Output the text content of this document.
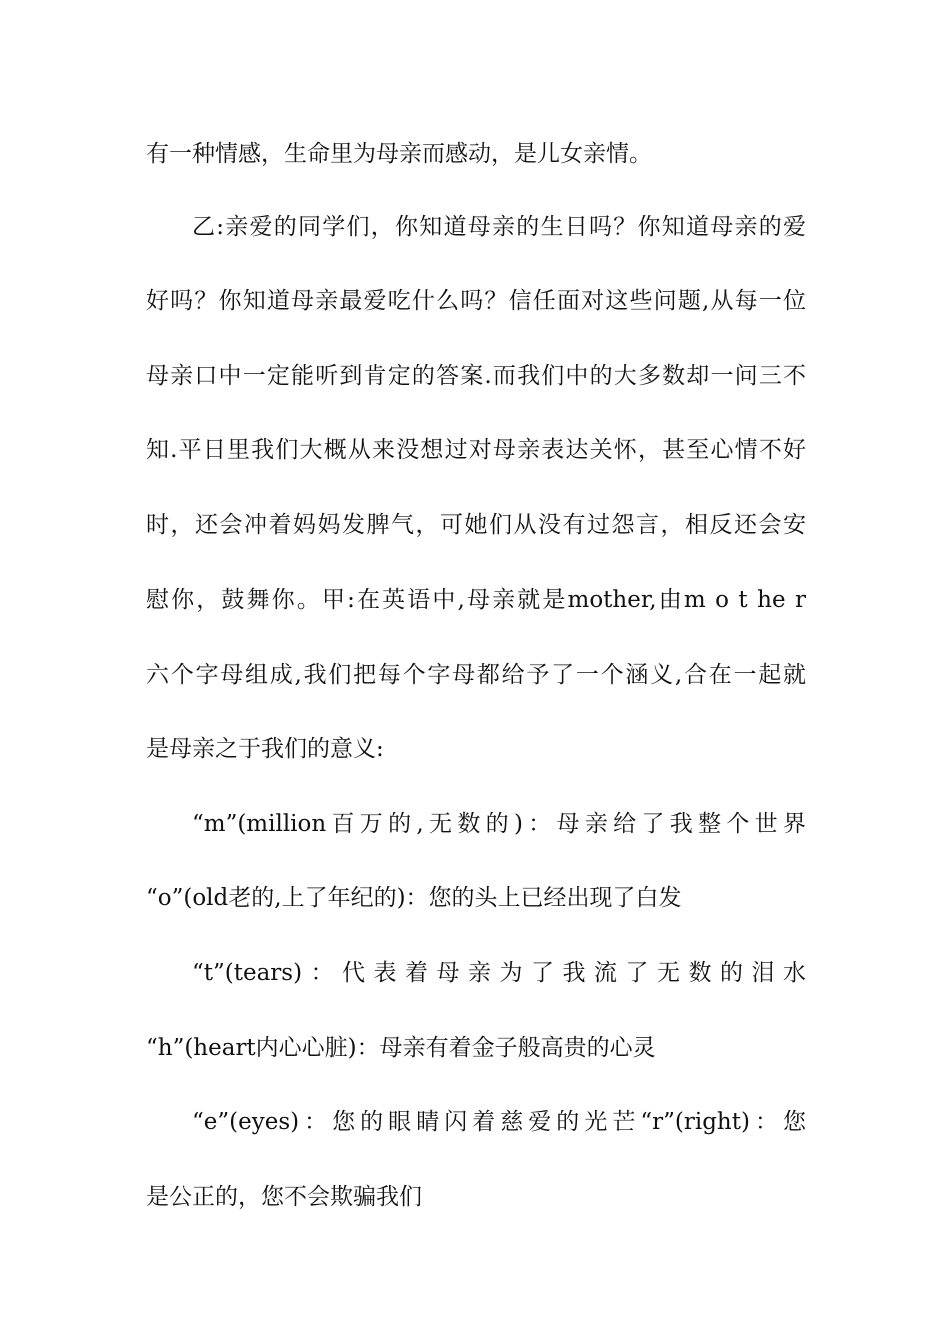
有一种情感，生命里为母亲而感动，是儿女亲情。
乙:亲爱的同学们，你知道母亲的生日吗？你知道母亲的爱
好吗？你知道母亲最爱吃什么吗？信任面对这些问题,从每一位
母亲口中一定能听到肯定的答案.而我们中的大多数却一问三不
知.平日里我们大概从来没想过对母亲表达关怀，甚至心情不好
时，还会冲着妈妈发脾气，可她们从没有过怨言，相反还会安
慰你，鼓舞你。甲:在英语中,母亲就是mother,由m o t he r
六个字母组成,我们把每个字母都给予了一个涵义,合在一起就
是母亲之于我们的意义:
“m”(million百万的,无数的)：母亲给了我整个世界
“o”(old老的,上了年纪的)：您的头上已经出现了白发
“t”(tears)：代表着母亲为了我流了无数的泪水
“h”(heart内心心脏)：母亲有着金子般高贵的心灵
“e”(eyes)：您的眼睛闪着慈爱的光芒“r”(right)：您
是公正的，您不会欺骗我们
